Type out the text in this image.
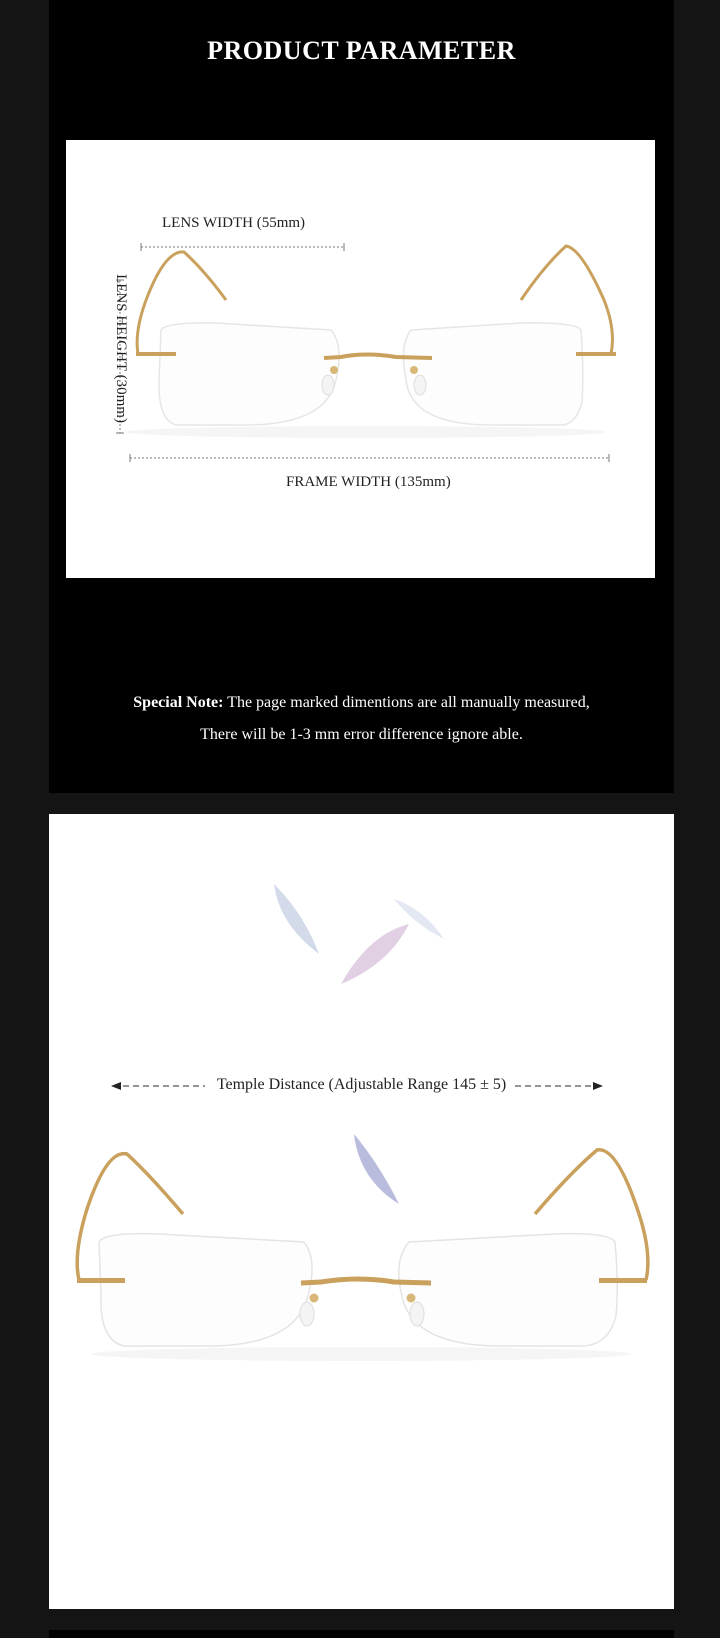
PRODUCT PARAMETER
LENS WIDTH (55mm)
LENS HEIGHT (30mm)
FRAME WIDTH (135mm)
Special Note: The page marked dimentions are all manually measured,
There will be 1-3 mm error difference ignore able.
Temple Distance (Adjustable Range 145 ± 5)
